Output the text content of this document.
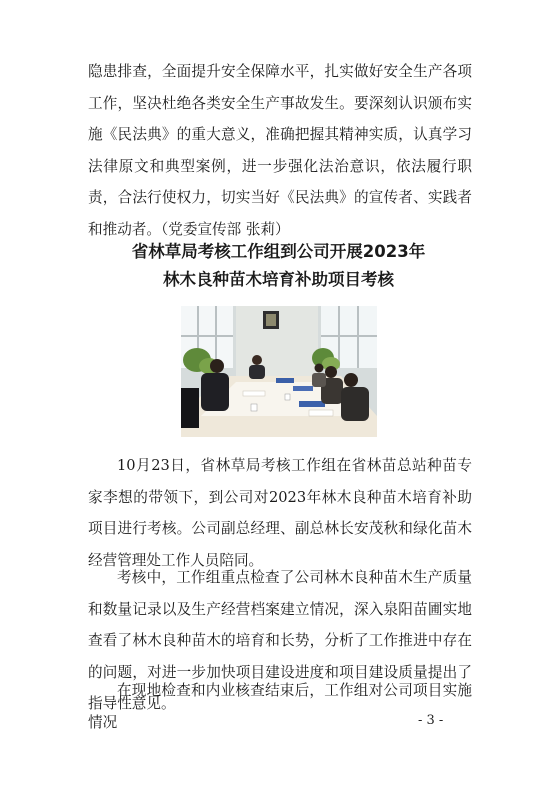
隐患排查，全面提升安全保障水平，扎实做好安全生产各项工作，坚决杜绝各类安全生产事故发生。要深刻认识颁布实施《民法典》的重大意义，准确把握其精神实质，认真学习法律原文和典型案例，进一步强化法治意识，依法履行职责，合法行使权力，切实当好《民法典》的宣传者、实践者和推动者。（党委宣传部 张莉）

省林草局考核工作组到公司开展2023年
林木良种苗木培育补助项目考核

10月23日，省林草局考核工作组在省林苗总站种苗专家李想的带领下，到公司对2023年林木良种苗木培育补助项目进行考核。公司副总经理、副总林长安茂秋和绿化苗木经营管理处工作人员陪同。

考核中，工作组重点检查了公司林木良种苗木生产质量和数量记录以及生产经营档案建立情况，深入泉阳苗圃实地查看了林木良种苗木的培育和长势，分析了工作推进中存在的问题，对进一步加快项目建设进度和项目建设质量提出了指导性意见。

在现地检查和内业核查结束后，工作组对公司项目实施情况	- 3 -
